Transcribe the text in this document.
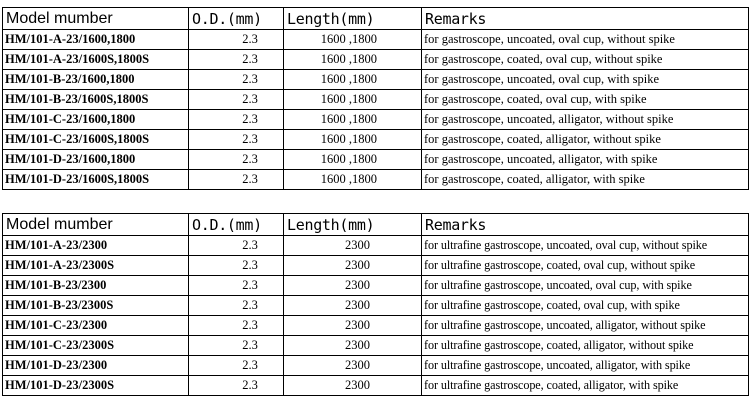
Model mumber	O.D.(mm)	Length(mm)	Remarks
HM/101-A-23/1600,1800	2.3	1600 ,1800	for gastroscope, uncoated, oval cup, without spike
HM/101-A-23/1600S,1800S	2.3	1600 ,1800	for gastroscope, coated, oval cup, without spike
HM/101-B-23/1600,1800	2.3	1600 ,1800	for gastroscope, uncoated, oval cup, with spike
HM/101-B-23/1600S,1800S	2.3	1600 ,1800	for gastroscope, coated, oval cup, with spike
HM/101-C-23/1600,1800	2.3	1600 ,1800	for gastroscope, uncoated, alligator, without spike
HM/101-C-23/1600S,1800S	2.3	1600 ,1800	for gastroscope, coated, alligator, without spike
HM/101-D-23/1600,1800	2.3	1600 ,1800	for gastroscope, uncoated, alligator, with spike
HM/101-D-23/1600S,1800S	2.3	1600 ,1800	for gastroscope, coated, alligator, with spike
Model mumber	O.D.(mm)	Length(mm)	Remarks
HM/101-A-23/2300	2.3	2300	for ultrafine gastroscope, uncoated, oval cup, without spike
HM/101-A-23/2300S	2.3	2300	for ultrafine gastroscope, coated, oval cup, without spike
HM/101-B-23/2300	2.3	2300	for ultrafine gastroscope, uncoated, oval cup, with spike
HM/101-B-23/2300S	2.3	2300	for ultrafine gastroscope, coated, oval cup, with spike
HM/101-C-23/2300	2.3	2300	for ultrafine gastroscope, uncoated, alligator, without spike
HM/101-C-23/2300S	2.3	2300	for ultrafine gastroscope, coated, alligator, without spike
HM/101-D-23/2300	2.3	2300	for ultrafine gastroscope, uncoated, alligator, with spike
HM/101-D-23/2300S	2.3	2300	for ultrafine gastroscope, coated, alligator, with spike
